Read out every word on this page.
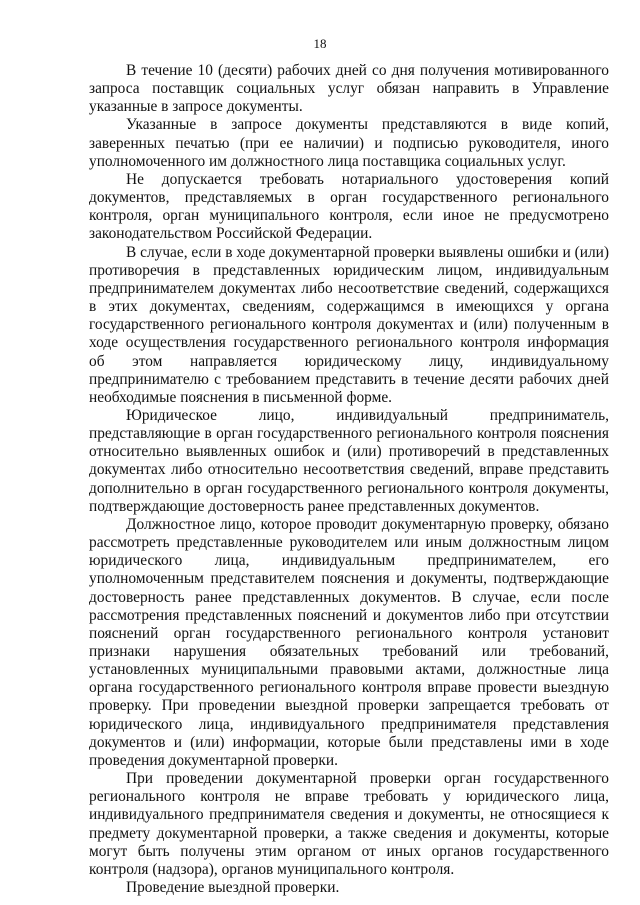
18

В течение 10 (десяти) рабочих дней со дня получения мотивированного запроса поставщик социальных услуг обязан направить в Управление указанные в запросе документы.

Указанные в запросе документы представляются в виде копий, заверенных печатью (при ее наличии) и подписью руководителя, иного уполномоченного им должностного лица поставщика социальных услуг.

Не допускается требовать нотариального удостоверения копий документов, представляемых в орган государственного регионального контроля, орган муниципального контроля, если иное не предусмотрено законодательством Российской Федерации.

В случае, если в ходе документарной проверки выявлены ошибки и (или) противоречия в представленных юридическим лицом, индивидуальным предпринимателем документах либо несоответствие сведений, содержащихся в этих документах, сведениям, содержащимся в имеющихся у органа государственного регионального контроля документах и (или) полученным в ходе осуществления государственного регионального контроля информация об этом направляется юридическому лицу, индивидуальному предпринимателю с требованием представить в течение десяти рабочих дней необходимые пояснения в письменной форме.

Юридическое лицо, индивидуальный предприниматель, представляющие в орган государственного регионального контроля пояснения относительно выявленных ошибок и (или) противоречий в представленных документах либо относительно несоответствия сведений, вправе представить дополнительно в орган государственного регионального контроля документы, подтверждающие достоверность ранее представленных документов.

Должностное лицо, которое проводит документарную проверку, обязано рассмотреть представленные руководителем или иным должностным лицом юридического лица, индивидуальным предпринимателем, его уполномоченным представителем пояснения и документы, подтверждающие достоверность ранее представленных документов. В случае, если после рассмотрения представленных пояснений и документов либо при отсутствии пояснений орган государственного регионального контроля установит признаки нарушения обязательных требований или требований, установленных муниципальными правовыми актами, должностные лица органа государственного регионального контроля вправе провести выездную проверку. При проведении выездной проверки запрещается требовать от юридического лица, индивидуального предпринимателя представления документов и (или) информации, которые были представлены ими в ходе проведения документарной проверки.

При проведении документарной проверки орган государственного регионального контроля не вправе требовать у юридического лица, индивидуального предпринимателя сведения и документы, не относящиеся к предмету документарной проверки, а также сведения и документы, которые могут быть получены этим органом от иных органов государственного контроля (надзора), органов муниципального контроля.

Проведение выездной проверки.
